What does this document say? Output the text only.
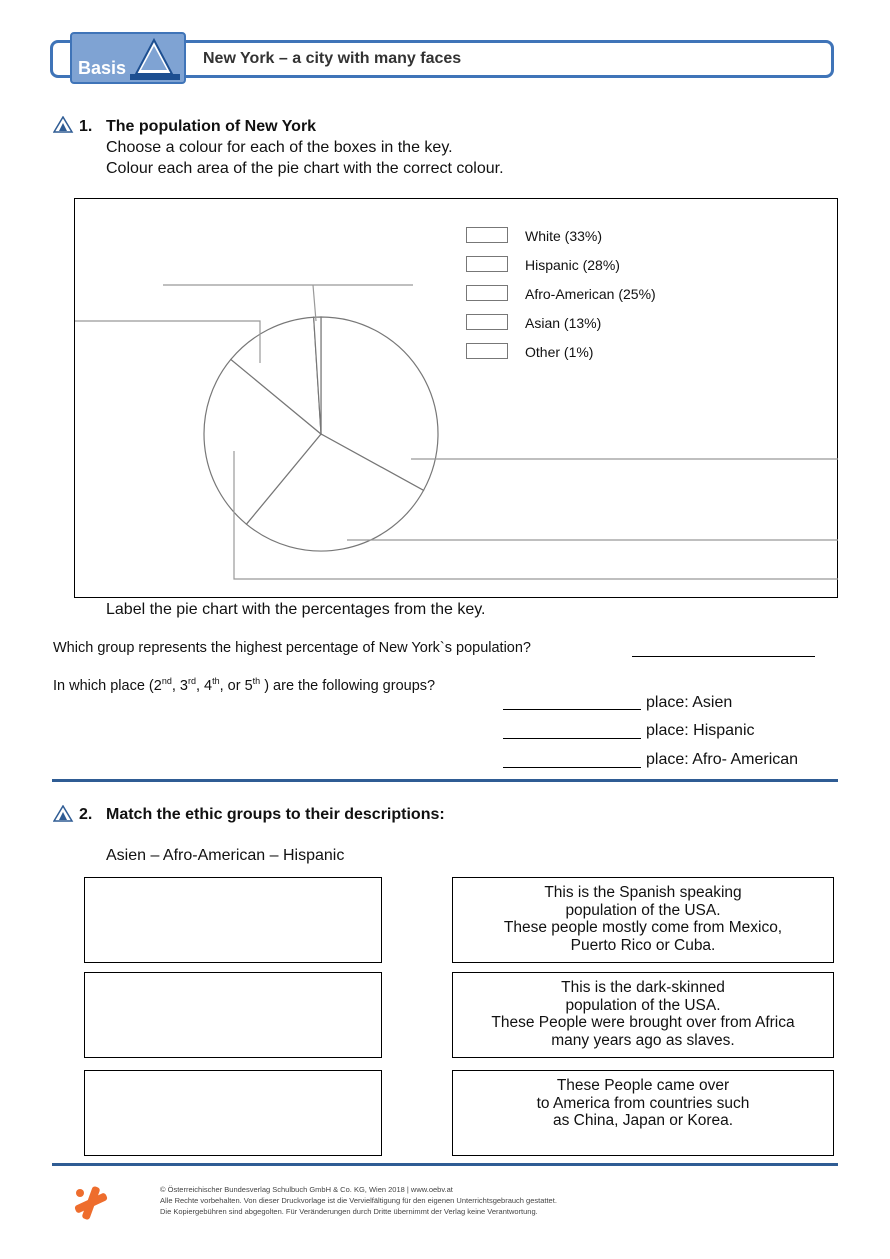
Basis	New York – a city with many faces
1. The population of New York
Choose a colour for each of the boxes in the key.
Colour each area of the pie chart with the correct colour.
White (33%)
Hispanic (28%)
Afro-American (25%)
Asian (13%)
Other (1%)
Label the pie chart with the percentages from the key.
Which group represents the highest percentage of New York`s population?
In which place (2nd, 3rd, 4th, or 5th ) are the following groups?
place: Asien
place: Hispanic
place: Afro- American
2. Match the ethic groups to their descriptions:
Asien – Afro-American – Hispanic
This is the Spanish speaking
population of the USA.
These people mostly come from Mexico,
Puerto Rico or Cuba.
This is the dark-skinned
population of the USA.
These People were brought over from Africa
many years ago as slaves.
These People came over
to America from countries such
as China, Japan or Korea.
© Österreichischer Bundesverlag Schulbuch GmbH & Co. KG, Wien 2018 | www.oebv.at
Alle Rechte vorbehalten. Von dieser Druckvorlage ist die Vervielfältigung für den eigenen Unterrichtsgebrauch gestattet.
Die Kopiergebühren sind abgegolten. Für Veränderungen durch Dritte übernimmt der Verlag keine Verantwortung.
